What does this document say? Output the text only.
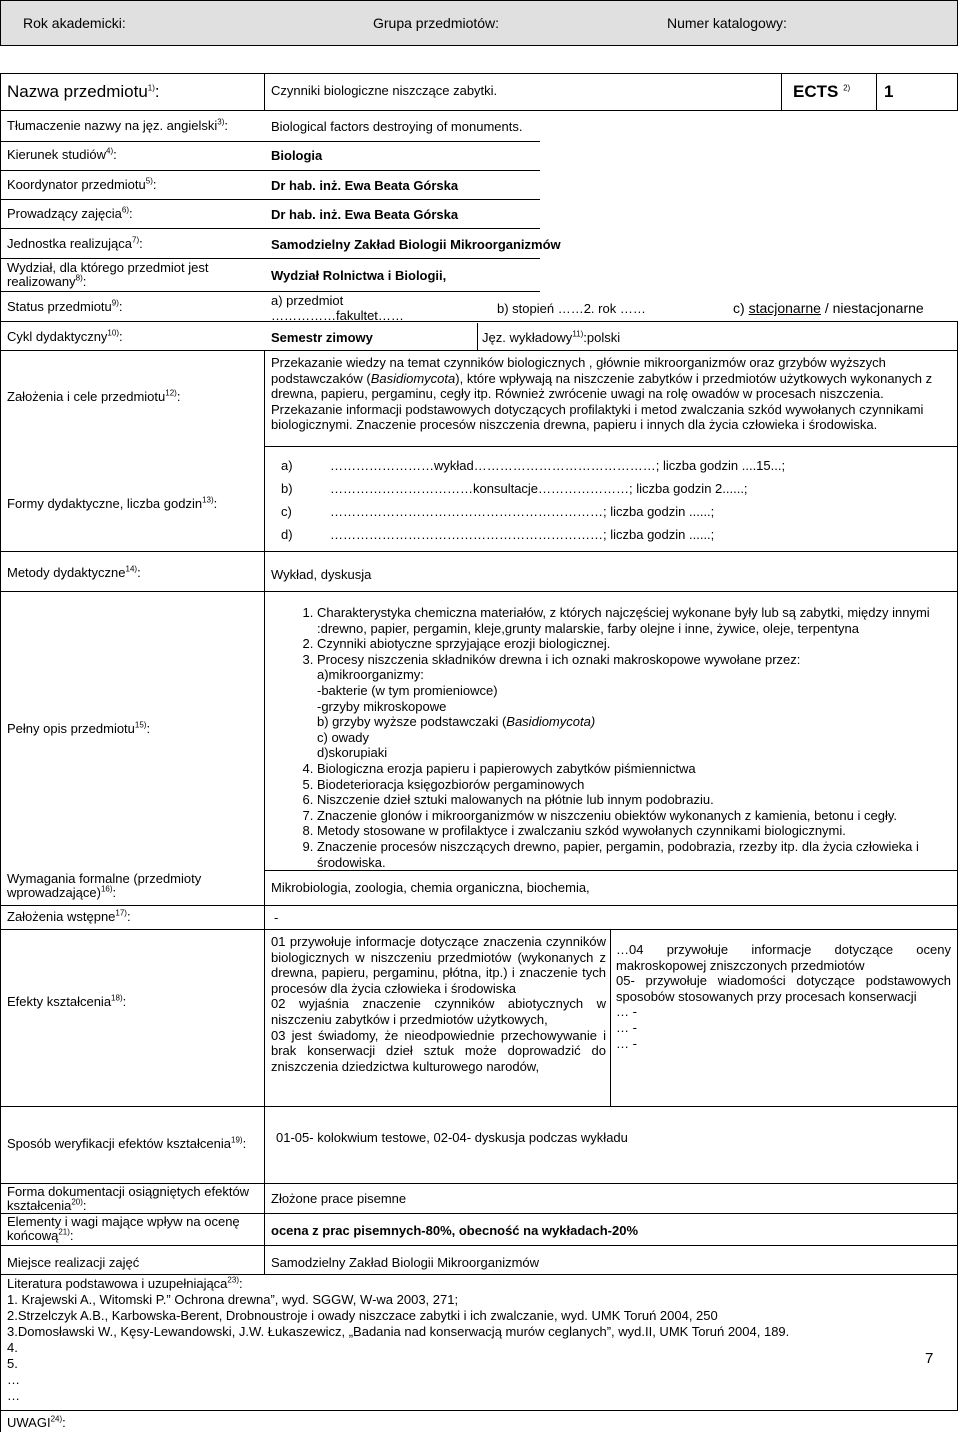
Rok akademicki:	Grupa przedmiotów:	Numer katalogowy:
Nazwa przedmiotu$^{1)}$:	Czynniki biologiczne niszczące zabytki.	ECTS $^{2)}$ 1
Tłumaczenie nazwy na jęz. angielski$^{3)}$:	Biological factors destroying of monuments.
Kierunek studiów$^{4)}$:	Biologia
Koordynator przedmiotu$^{5)}$:	Dr hab. inż. Ewa Beata Górska
Prowadzący zajęcia$^{6)}$:	Dr hab. inż. Ewa Beata Górska
Jednostka realizująca$^{7)}$:	Samodzielny Zakład Biologii Mikroorganizmów
Wydział, dla którego przedmiot jest
realizowany$^{8)}$:	Wydział Rolnictwa i Biologii,
Status przedmiotu$^{9)}$:	a) przedmiot
……………fakultet……	b) stopień ……2. rok ……	c) stacjonarne / niestacjonarne
Cykl dydaktyczny$^{10)}$:	Semestr zimowy	Jęz. wykładowy$^{11)}$:polski
Założenia i cele przedmiotu$^{12)}$:
Przekazanie wiedzy na temat czynników biologicznych , głównie mikroorganizmów oraz grzybów wyższych podstawczaków (Basidiomycota), które wpływają na niszczenie zabytków i przedmiotów użytkowych wykonanych z drewna, papieru, pergaminu, cegły itp. Również zwrócenie uwagi na rolę owadów w procesach niszczenia. Przekazanie informacji podstawowych dotyczących profilaktyki i metod zwalczania szkód wywołanych czynnikami biologicznymi. Znaczenie procesów niszczenia drewna, papieru i innych dla życia człowieka i środowiska.
Formy dydaktyczne, liczba godzin$^{13)}$:
a)	……………………wykład……………………………………; liczba godzin ....15...;
b)	……………………………konsultacje…………………; liczba godzin 2......;
c)	………………………………………………………; liczba godzin ......;
d)	………………………………………………………; liczba godzin ......;
Metody dydaktyczne$^{14)}$:	Wykład, dyskusja
Pełny opis przedmiotu$^{15)}$:
1. Charakterystyka chemiczna materiałów, z których najczęściej wykonane były lub są zabytki, między innymi :drewno, papier, pergamin, kleje,grunty malarskie, farby olejne i inne, żywice, oleje, terpentyna
2. Czynniki abiotyczne sprzyjające erozji biologicznej.
3. Procesy niszczenia składników drewna i ich oznaki makroskopowe wywołane przez:
a)mikroorganizmy:
-bakterie (w tym promieniowce)
-grzyby mikroskopowe
b) grzyby wyższe podstawczaki (Basidiomycota)
c) owady
d)skorupiaki
4. Biologiczna erozja papieru i papierowych zabytków piśmiennictwa
5. Biodeterioracja księgozbiorów pergaminowych
6. Niszczenie dzieł sztuki malowanych na płótnie lub innym podobraziu.
7. Znaczenie glonów i mikroorganizmów w niszczeniu obiektów wykonanych z kamienia, betonu i cegły.
8. Metody stosowane w profilaktyce i zwalczaniu szkód wywołanych czynnikami biologicznymi.
9. Znaczenie procesów niszczących drewno, papier, pergamin, podobrazia, rzezby itp. dla życia człowieka i środowiska.
Wymagania formalne (przedmioty
wprowadzające)$^{16)}$:	Mikrobiologia, zoologia, chemia organiczna, biochemia,
Założenia wstępne$^{17)}$:	-
Efekty kształcenia$^{18)}$:
01 przywołuje informacje dotyczące znaczenia czynników biologicznych w niszczeniu przedmiotów (wykonanych z drewna, papieru, pergaminu, płótna, itp.) i znaczenie tych procesów dla życia człowieka i środowiska
02 wyjaśnia znaczenie czynników abiotycznych w niszczeniu zabytków i przedmiotów użytkowych,
03 jest świadomy, że nieodpowiednie przechowywanie i brak konserwacji dzieł sztuk może doprowadzić do zniszczenia dziedzictwa kulturowego narodów,
…04 przywołuje informacje dotyczące oceny makroskopowej zniszczonych przedmiotów
05- przywołuje wiadomości dotyczące podstawowych sposobów stosowanych przy procesach konserwacji
… -
… -
… -
Sposób weryfikacji efektów kształcenia$^{19)}$: 01-05- kolokwium testowe, 02-04- dyskusja podczas wykładu
Forma dokumentacji osiągniętych efektów
kształcenia$^{20)}$:	Złożone prace pisemne
Elementy i wagi mające wpływ na ocenę
końcową$^{21)}$:	ocena z prac pisemnych-80%, obecność na wykładach-20%
Miejsce realizacji zajęć	Samodzielny Zakład Biologii Mikroorganizmów
Literatura podstawowa i uzupełniająca$^{23)}$:
1. Krajewski A., Witomski P.” Ochrona drewna”, wyd. SGGW, W-wa 2003, 271;
2.Strzelczyk A.B., Karbowska-Berent, Drobnoustroje i owady niszczace zabytki i ich zwalczanie, wyd. UMK Toruń 2004, 250
3.Domosławski W., Kęsy-Lewandowski, J.W. Łukaszewicz, „Badania nad konserwacją murów ceglanych”, wyd.II, UMK Toruń 2004, 189.
4.
5.
…
…
7
UWAGI$^{24)}$:
